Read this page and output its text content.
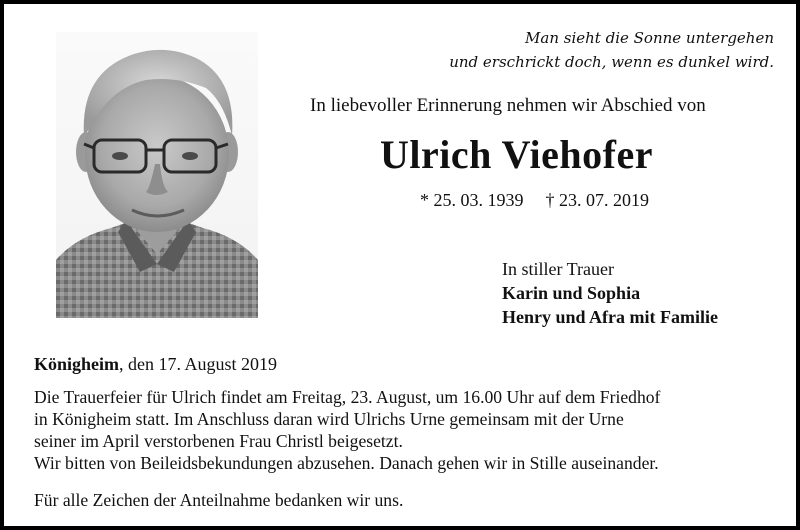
Man sieht die Sonne untergehen
und erschrickt doch, wenn es dunkel wird.
In liebevoller Erinnerung nehmen wir Abschied von
Ulrich Viehofer
* 25. 03. 1939 † 23. 07. 2019
In stiller Trauer
Karin und Sophia
Henry und Afra mit Familie
Königheim, den 17. August 2019
Die Trauerfeier für Ulrich findet am Freitag, 23. August, um 16.00 Uhr auf dem Friedhof
in Königheim statt. Im Anschluss daran wird Ulrichs Urne gemeinsam mit der Urne
seiner im April verstorbenen Frau Christl beigesetzt.
Wir bitten von Beileidsbekundungen abzusehen. Danach gehen wir in Stille auseinander.
Für alle Zeichen der Anteilnahme bedanken wir uns.
